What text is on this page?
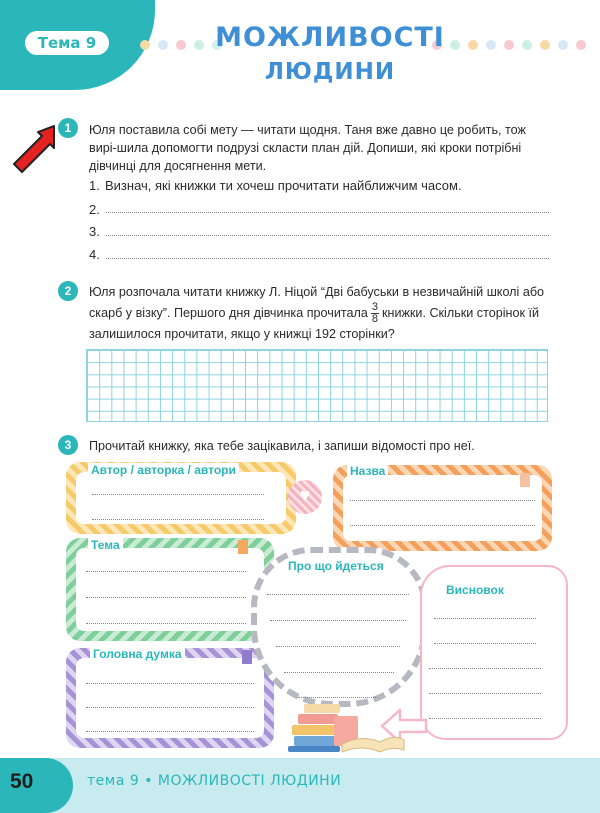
Тема 9	МОЖЛИВОСТІ
ЛЮДИНИ
1	Юля поставила собі мету — читати щодня. Таня вже давно це робить, тож вирі-шила допомогти подрузі скласти план дій. Допиши, які кроки потрібні дівчинці для досягнення мети.
1. Визнач, які книжки ти хочеш прочитати найближчим часом.
2.
3.
4.
2	Юля розпочала читати книжку Л. Ніцой “Дві бабуськи в незвичайній школі або скарб у візку”. Першого дня дівчинка прочитала $\frac{3}{8}$ книжки. Скільки сторінок їй залишилося прочитати, якщо у книжці 192 сторінки?
3	Прочитай книжку, яка тебе зацікавила, і запиши відомості про неї.
Автор / авторка / автори
♥
Назва
Тема
Головна думка
Про що йдеться
Висновок
50	тема 9 • МОЖЛИВОСТІ ЛЮДИНИ
